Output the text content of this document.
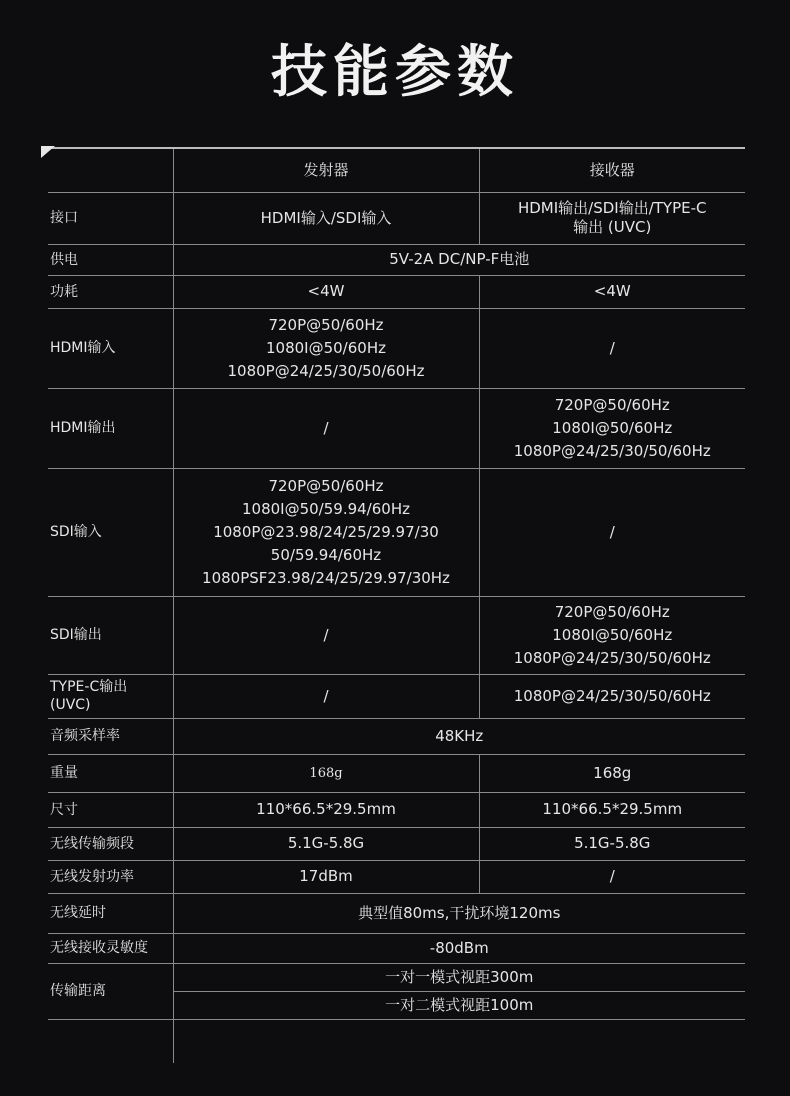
技能参数
	发射器	接收器
接口	HDMI输入/SDI输入	HDMI输出/SDI输出/TYPE-C
输出 (UVC)
供电	5V-2A DC/NP-F电池	
功耗	<4W	<4W
HDMI输入	720P@50/60Hz
1080I@50/60Hz
1080P@24/25/30/50/60Hz	/
HDMI输出	/	720P@50/60Hz
1080I@50/60Hz
1080P@24/25/30/50/60Hz
SDI输入	720P@50/60Hz
1080I@50/59.94/60Hz
1080P@23.98/24/25/29.97/30
50/59.94/60Hz
1080PSF23.98/24/25/29.97/30Hz	/
SDI输出	/	720P@50/60Hz
1080I@50/60Hz
1080P@24/25/30/50/60Hz
TYPE-C输出
(UVC)	/	1080P@24/25/30/50/60Hz
音频采样率	48KHz	
重量	168g	168g
尺寸	110*66.5*29.5mm	110*66.5*29.5mm
无线传输频段	5.1G-5.8G	5.1G-5.8G
无线发射功率	17dBm	/
无线延时	典型值80ms,干扰环境120ms	
无线接收灵敏度	-80dBm	
传输距离	一对一模式视距300m	
	一对二模式视距100m	
